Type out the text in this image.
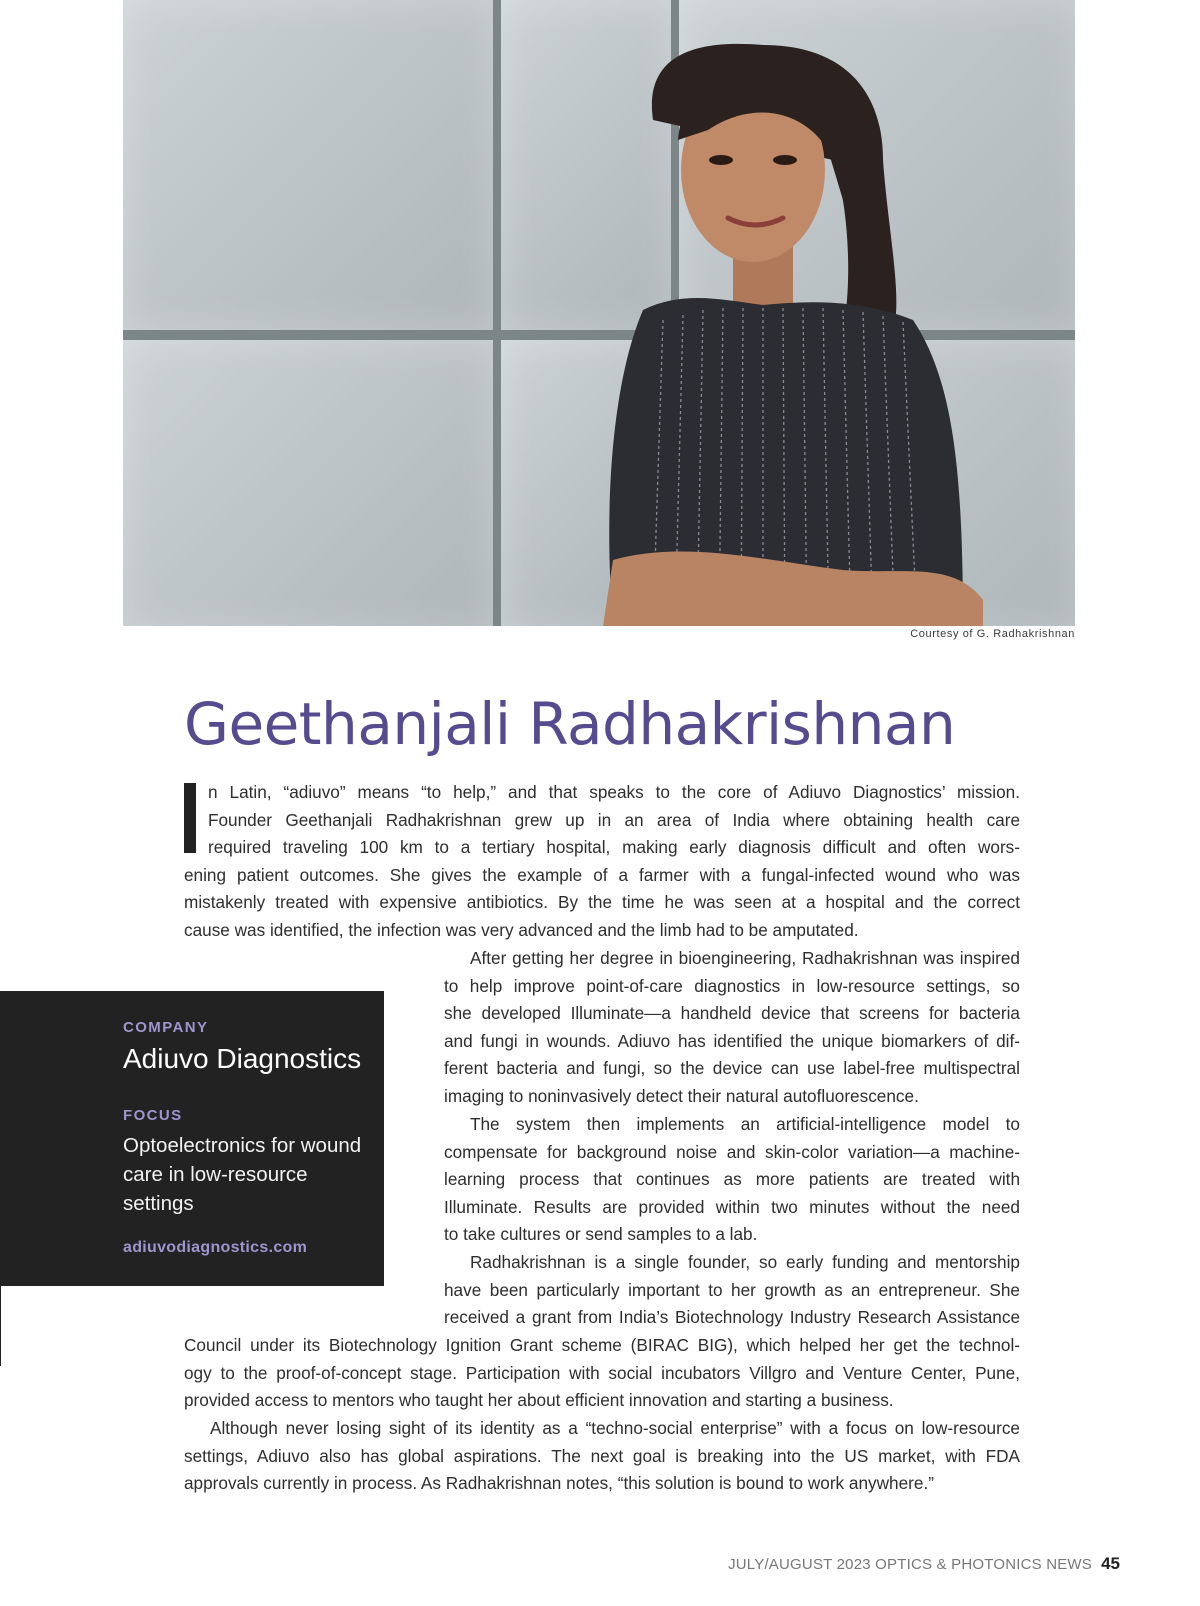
Courtesy of G. Radhakrishnan
Geethanjali Radhakrishnan
n Latin, “adiuvo” means “to help,” and that speaks to the core of Adiuvo Diagnostics’ mission.
Founder Geethanjali Radhakrishnan grew up in an area of India where obtaining health care
required traveling 100 km to a tertiary hospital, making early diagnosis difficult and often wors-
ening patient outcomes. She gives the example of a farmer with a fungal-infected wound who was
mistakenly treated with expensive antibiotics. By the time he was seen at a hospital and the correct
cause was identified, the infection was very advanced and the limb had to be amputated.
After getting her degree in bioengineering, Radhakrishnan was inspired
to help improve point-of-care diagnostics in low-resource settings, so
she developed Illuminate—a handheld device that screens for bacteria
and fungi in wounds. Adiuvo has identified the unique biomarkers of dif-
ferent bacteria and fungi, so the device can use label-free multispectral
imaging to noninvasively detect their natural autofluorescence.
The system then implements an artificial-intelligence model to
compensate for background noise and skin-color variation—a machine-
learning process that continues as more patients are treated with
Illuminate. Results are provided within two minutes without the need
to take cultures or send samples to a lab.
Radhakrishnan is a single founder, so early funding and mentorship
have been particularly important to her growth as an entrepreneur. She
received a grant from India’s Biotechnology Industry Research Assistance
Council under its Biotechnology Ignition Grant scheme (BIRAC BIG), which helped her get the technol-
ogy to the proof-of-concept stage. Participation with social incubators Villgro and Venture Center, Pune,
provided access to mentors who taught her about efficient innovation and starting a business.
Although never losing sight of its identity as a “techno-social enterprise” with a focus on low-resource
settings, Adiuvo also has global aspirations. The next goal is breaking into the US market, with FDA
approvals currently in process. As Radhakrishnan notes, “this solution is bound to work anywhere.”
COMPANY
Adiuvo Diagnostics
FOCUS
Optoelectronics for wound care in low-resource settings
adiuvodiagnostics.com
JULY/AUGUST 2023 OPTICS & PHOTONICS NEWS 45
